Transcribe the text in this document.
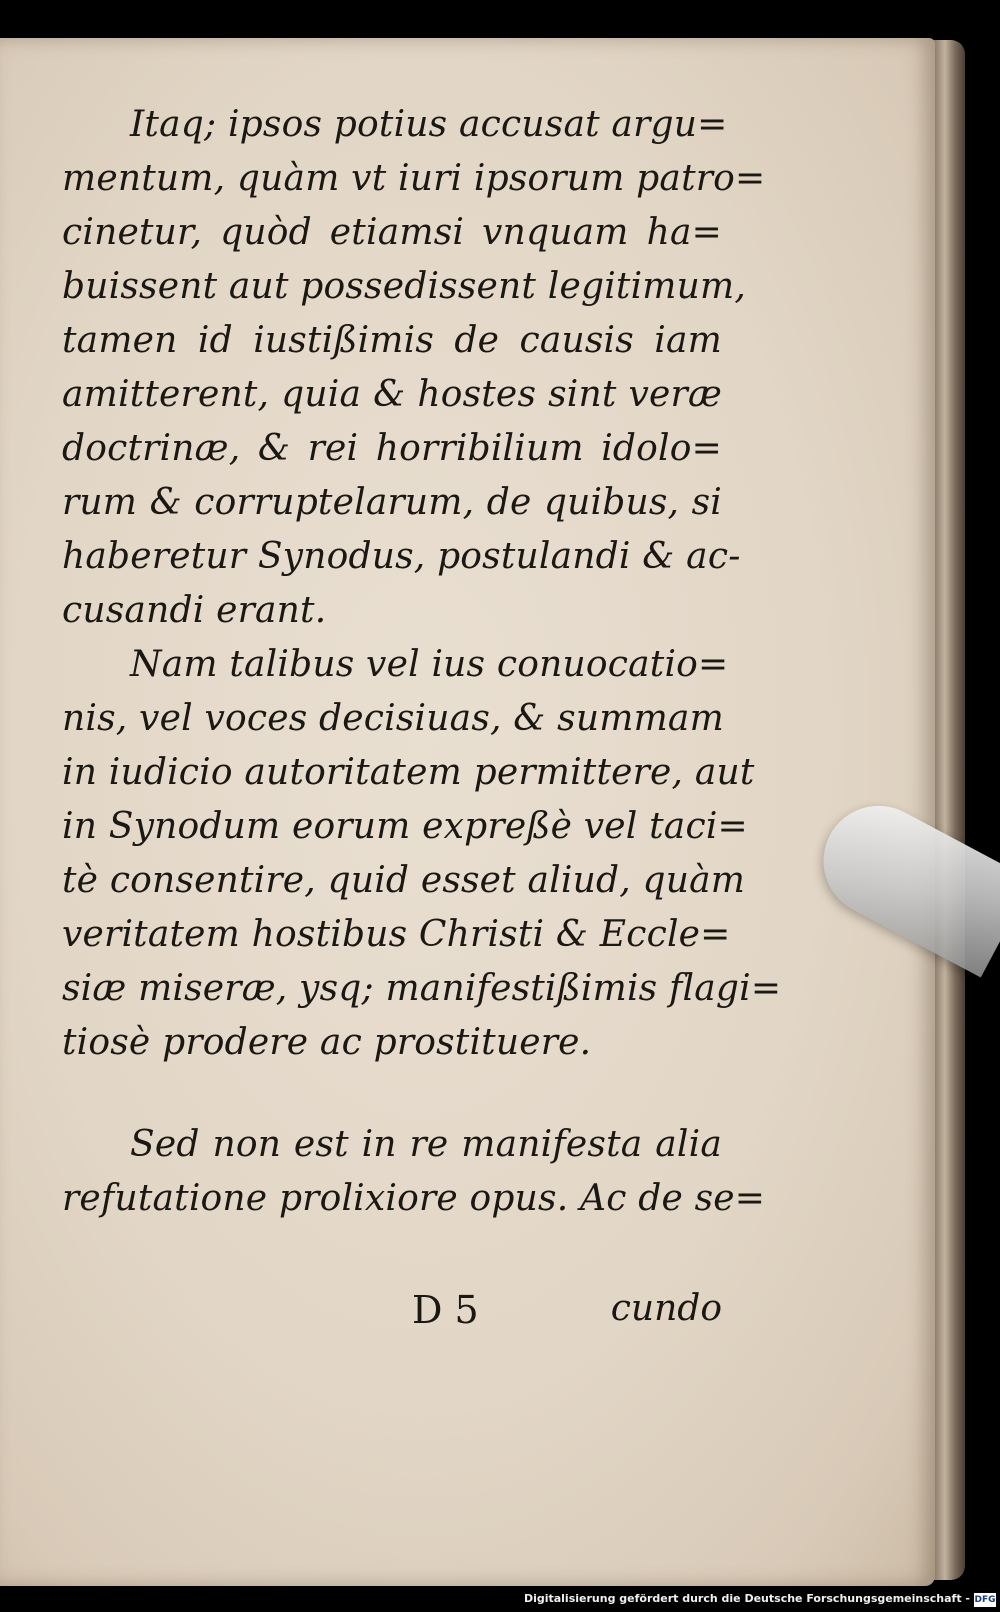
Itaq; ipsos potius accusat argu=
mentum, quàm vt iuri ipsorum patro=
cinetur, quòd etiamsi vnquam ha=
buissent aut possedissent legitimum,
tamen id iustißimis de causis iam
amitterent, quia & hostes sint veræ
doctrinæ, & rei horribilium idolo=
rum & corruptelarum, de quibus, si
haberetur Synodus, postulandi & ac-
cusandi erant.
Nam talibus vel ius conuocatio=
nis, vel voces decisiuas, & summam
in iudicio autoritatem permittere, aut
in Synodum eorum expreßè vel taci=
tè consentire, quid esset aliud, quàm
veritatem hostibus Christi & Eccle=
siæ miseræ, ysq; manifestißimis flagi=
tiosè prodere ac prostituere.
Sed non est in re manifesta alia
refutatione prolixiore opus. Ac de se=
D 5	cundo
Digitalisierung gefördert durch die Deutsche Forschungsgemeinschaft - DFG
